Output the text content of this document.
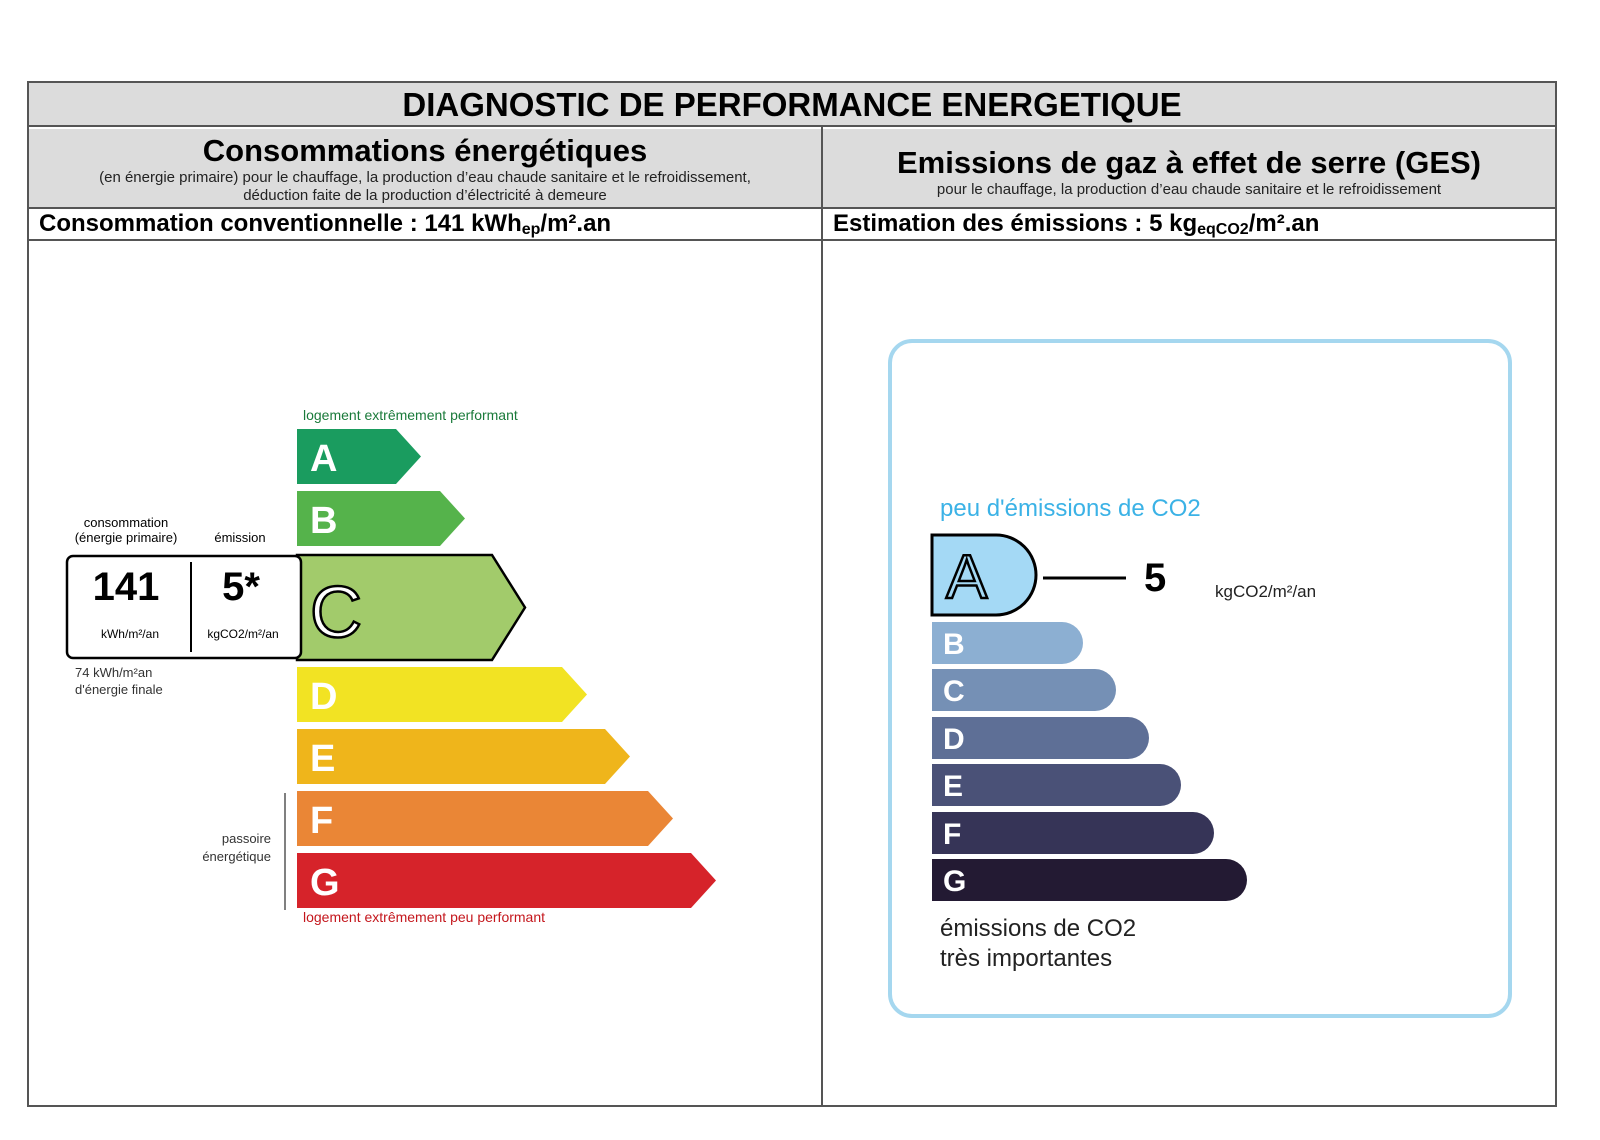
DIAGNOSTIC DE PERFORMANCE ENERGETIQUE
Consommations énergétiques
(en énergie primaire) pour le chauffage, la production d’eau chaude sanitaire et le refroidissement, déduction faite de la production d’électricité à demeure
Emissions de gaz à effet de serre (GES)
pour le chauffage, la production d’eau chaude sanitaire et le refroidissement
Consommation conventionnelle : 141 kWh$_{ep}$/m².an	Estimation des émissions : 5 $kg_{eqCO2}/m^2.an$
logement extrêmement performant
A
B
C
D
E
F
G
logement extrêmement peu performant
consommation
(énergie primaire)	émission
141 5*
kWh/m²/an	kgCO2/m²/an
74 kWh/m²an
d'énergie finale
passoire
énergétique
peu d'émissions de CO2
A
B
C
D
E
F
G
5	kgCO2/m²/an
émissions de CO2
très importantes
